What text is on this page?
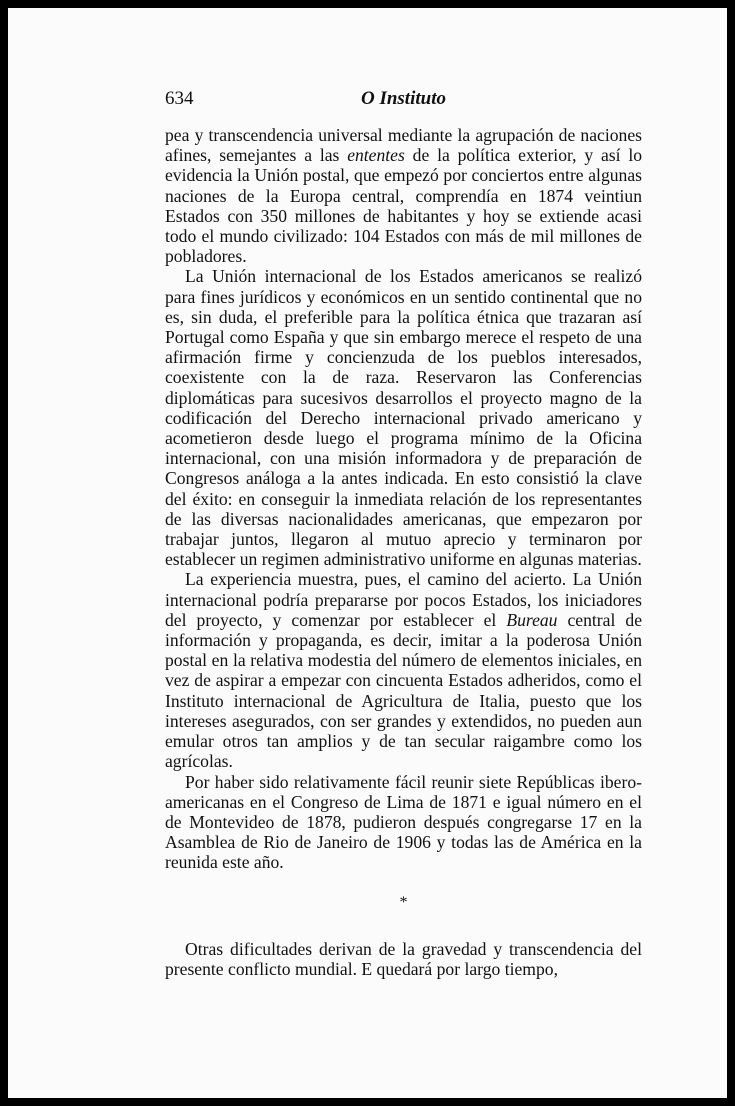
634	O Instituto

pea y transcendencia universal mediante la agrupación de naciones afines, semejantes a las ententes de la política exterior, y así lo evidencia la Unión postal, que empezó por conciertos entre algunas naciones de la Europa central, comprendía en 1874 veintiun Estados con 350 millones de habitantes y hoy se extiende acasi todo el mundo civilizado: 104 Estados con más de mil millones de pobladores.

La Unión internacional de los Estados americanos se realizó para fines jurídicos y económicos en un sentido continental que no es, sin duda, el preferible para la política étnica que trazaran así Portugal como España y que sin embargo merece el respeto de una afirmación firme y concienzuda de los pueblos interesados, coexistente con la de raza. Reservaron las Conferencias diplomáticas para sucesivos desarrollos el proyecto magno de la codificación del Derecho internacional privado americano y acometieron desde luego el programa mínimo de la Oficina internacional, con una misión informadora y de preparación de Congresos análoga a la antes indicada. En esto consistió la clave del éxito: en conseguir la inmediata relación de los representantes de las diversas nacionalidades americanas, que empezaron por trabajar juntos, llegaron al mutuo aprecio y terminaron por establecer un regimen administrativo uniforme en algunas materias.

La experiencia muestra, pues, el camino del acierto. La Unión internacional podría prepararse por pocos Estados, los iniciadores del proyecto, y comenzar por establecer el Bureau central de información y propaganda, es decir, imitar a la poderosa Unión postal en la relativa modestia del número de elementos iniciales, en vez de aspirar a empezar con cincuenta Estados adheridos, como el Instituto internacional de Agricultura de Italia, puesto que los intereses asegurados, con ser grandes y extendidos, no pueden aun emular otros tan amplios y de tan secular raigambre como los agrícolas.

Por haber sido relativamente fácil reunir siete Repúblicas ibero-americanas en el Congreso de Lima de 1871 e igual número en el de Montevideo de 1878, pudieron después congregarse 17 en la Asamblea de Rio de Janeiro de 1906 y todas las de América en la reunida este año.

*

Otras dificultades derivan de la gravedad y transcendencia del presente conflicto mundial. E quedará por largo tiempo,
